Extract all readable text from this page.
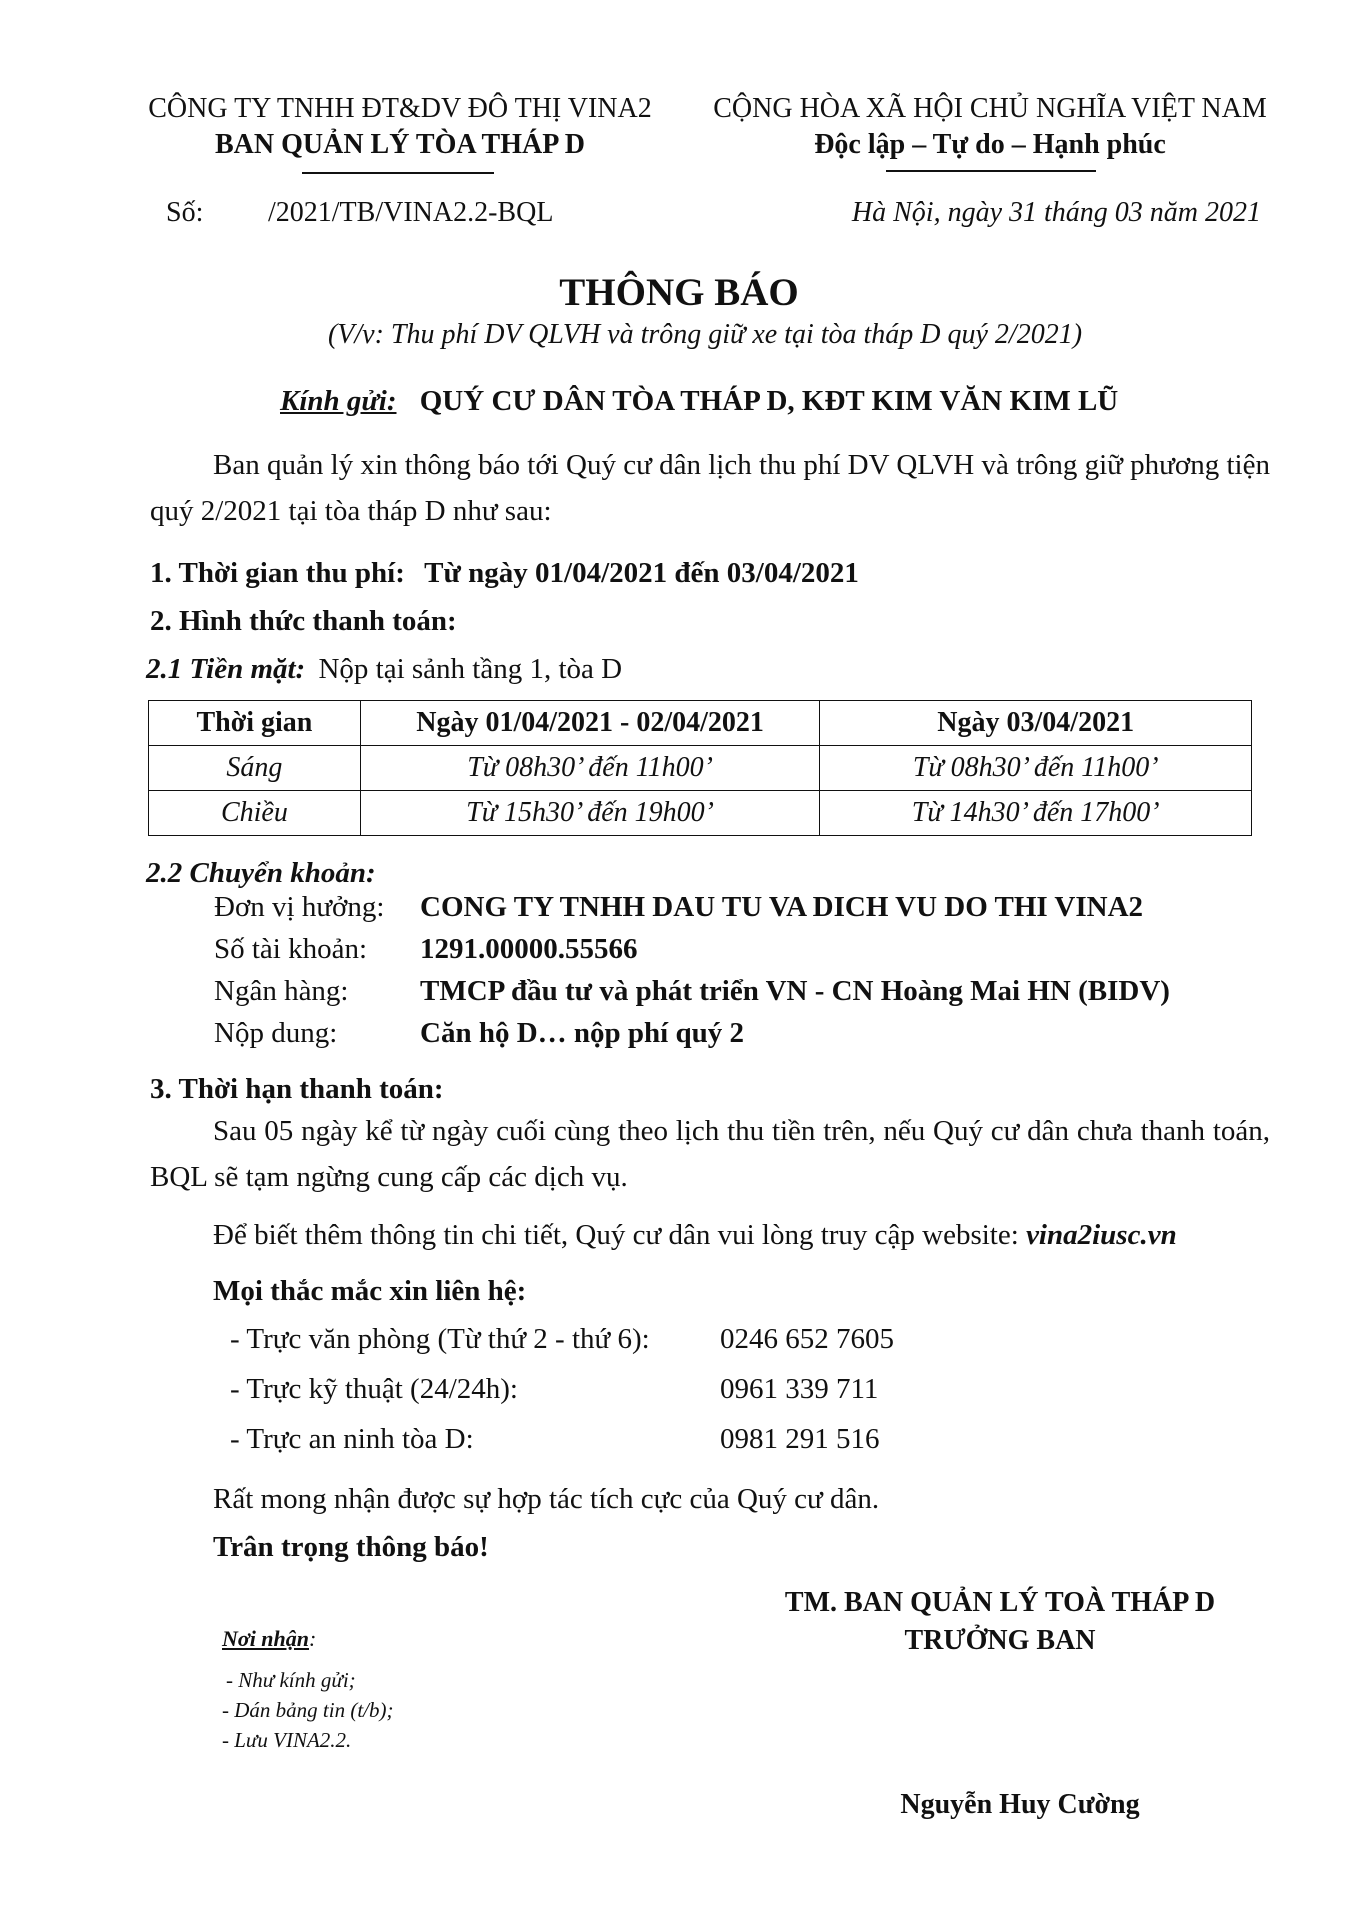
CÔNG TY TNHH ĐT&DV ĐÔ THỊ VINA2
BAN QUẢN LÝ TÒA THÁP D
CỘNG HÒA XÃ HỘI CHỦ NGHĨA VIỆT NAM
Độc lập – Tự do – Hạnh phúc
Số: /2021/TB/VINA2.2-BQL	Hà Nội, ngày 31 tháng 03 năm 2021
THÔNG BÁO
(V/v: Thu phí DV QLVH và trông giữ xe tại tòa tháp D quý 2/2021)
Kính gửi: QUÝ CƯ DÂN TÒA THÁP D, KĐT KIM VĂN KIM LŨ
Ban quản lý xin thông báo tới Quý cư dân lịch thu phí DV QLVH và trông giữ phương tiện quý 2/2021 tại tòa tháp D như sau:
1. Thời gian thu phí: Từ ngày 01/04/2021 đến 03/04/2021
2. Hình thức thanh toán:
2.1 Tiền mặt: Nộp tại sảnh tầng 1, tòa D
Thời gian	Ngày 01/04/2021 - 02/04/2021	Ngày 03/04/2021
Sáng	Từ 08h30’ đến 11h00’	Từ 08h30’ đến 11h00’
Chiều	Từ 15h30’ đến 19h00’	Từ 14h30’ đến 17h00’
2.2 Chuyển khoản:
Đơn vị hưởng: CONG TY TNHH DAU TU VA DICH VU DO THI VINA2
Số tài khoản: 1291.00000.55566
Ngân hàng: TMCP đầu tư và phát triển VN - CN Hoàng Mai HN (BIDV)
Nộp dung:	Căn hộ D… nộp phí quý 2
3. Thời hạn thanh toán:
Sau 05 ngày kể từ ngày cuối cùng theo lịch thu tiền trên, nếu Quý cư dân chưa thanh toán, BQL sẽ tạm ngừng cung cấp các dịch vụ.
Để biết thêm thông tin chi tiết, Quý cư dân vui lòng truy cập website: vina2iusc.vn
Mọi thắc mắc xin liên hệ:
- Trực văn phòng (Từ thứ 2 - thứ 6): 0246 652 7605
- Trực kỹ thuật (24/24h):	0961 339 711
- Trực an ninh tòa D:	0981 291 516
Rất mong nhận được sự hợp tác tích cực của Quý cư dân.
Trân trọng thông báo!
TM. BAN QUẢN LÝ TOÀ THÁP D
TRƯỞNG BAN
Nguyễn Huy Cường
Nơi nhận:
- Như kính gửi;
- Dán bảng tin (t/b);
- Lưu VINA2.2.
